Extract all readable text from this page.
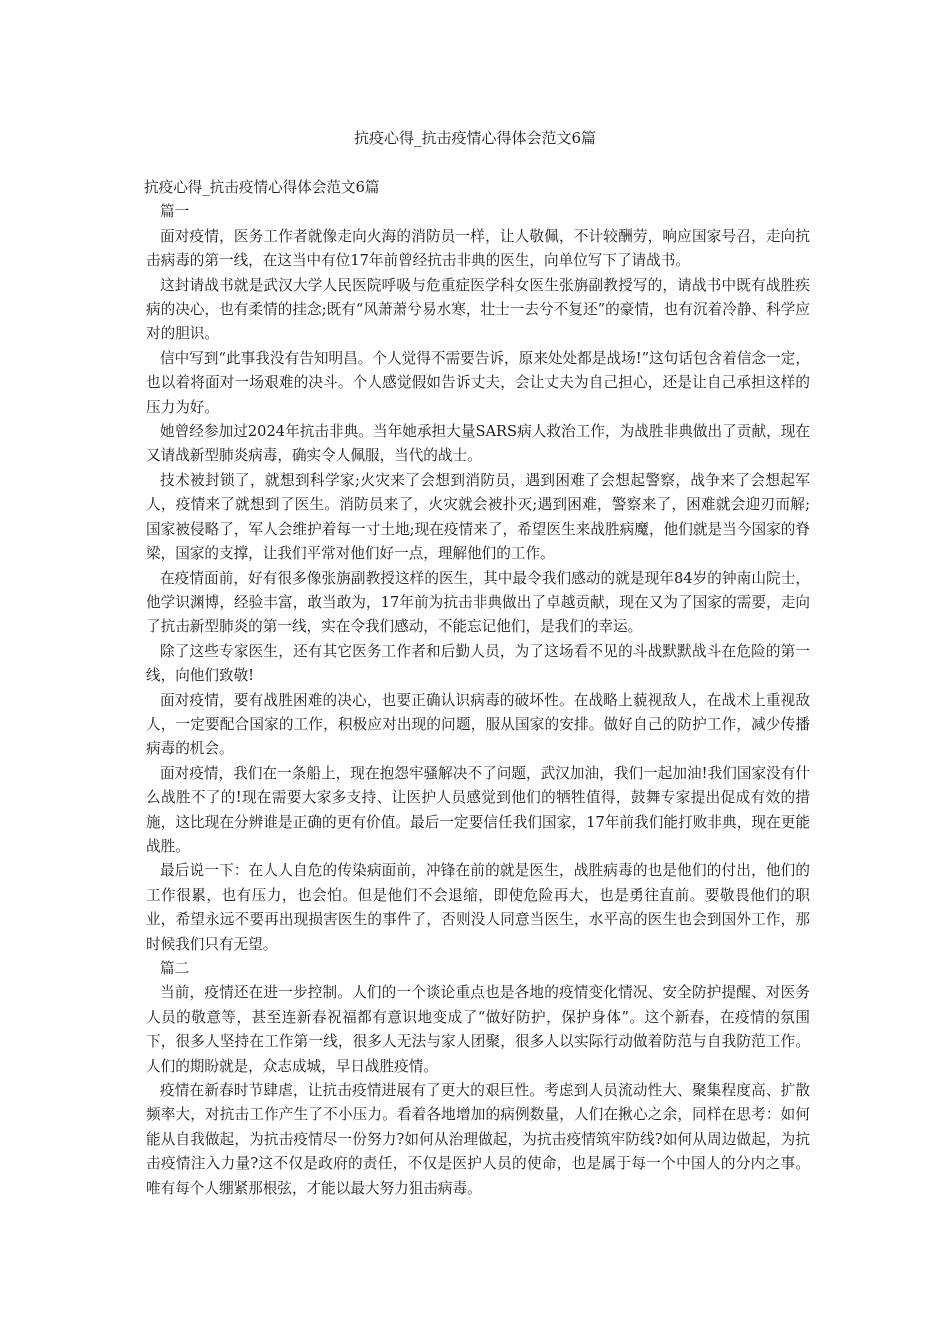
抗疫心得_抗击疫情心得体会范文6篇

抗疫心得_抗击疫情心得体会范文6篇

篇一

面对疫情，医务工作者就像走向火海的消防员一样，让人敬佩，不计较酬劳，响应国家号召，走向抗击病毒的第一线，在这当中有位17年前曾经抗击非典的医生，向单位写下了请战书。

这封请战书就是武汉大学人民医院呼吸与危重症医学科女医生张旃副教授写的，请战书中既有战胜疾病的决心，也有柔情的挂念;既有“风萧萧兮易水寒，壮士一去兮不复还”的豪情，也有沉着冷静、科学应对的胆识。

信中写到“此事我没有告知明昌。个人觉得不需要告诉，原来处处都是战场!”这句话包含着信念一定，也以着将面对一场艰难的决斗。个人感觉假如告诉丈夫，会让丈夫为自己担心，还是让自己承担这样的压力为好。

她曾经参加过2024年抗击非典。当年她承担大量SARS病人救治工作，为战胜非典做出了贡献，现在又请战新型肺炎病毒，确实令人佩服，当代的战士。

技术被封锁了，就想到科学家;火灾来了会想到消防员，遇到困难了会想起警察，战争来了会想起军人，疫情来了就想到了医生。消防员来了，火灾就会被扑灭;遇到困难，警察来了，困难就会迎刃而解;国家被侵略了，军人会维护着每一寸土地;现在疫情来了，希望医生来战胜病魔，他们就是当今国家的脊梁，国家的支撑，让我们平常对他们好一点，理解他们的工作。

在疫情面前，好有很多像张旃副教授这样的医生，其中最令我们感动的就是现年84岁的钟南山院士，他学识渊博，经验丰富，敢当敢为，17年前为抗击非典做出了卓越贡献，现在又为了国家的需要，走向了抗击新型肺炎的第一线，实在令我们感动，不能忘记他们，是我们的幸运。

除了这些专家医生，还有其它医务工作者和后勤人员，为了这场看不见的斗战默默战斗在危险的第一线，向他们致敬!

面对疫情，要有战胜困难的决心，也要正确认识病毒的破坏性。在战略上藐视敌人，在战术上重视敌人，一定要配合国家的工作，积极应对出现的问题，服从国家的安排。做好自己的防护工作，减少传播病毒的机会。

面对疫情，我们在一条船上，现在抱怨牢骚解决不了问题，武汉加油，我们一起加油!我们国家没有什么战胜不了的!现在需要大家多支持、让医护人员感觉到他们的牺牲值得，鼓舞专家提出促成有效的措施，这比现在分辨谁是正确的更有价值。最后一定要信任我们国家，17年前我们能打败非典，现在更能战胜。

最后说一下：在人人自危的传染病面前，冲锋在前的就是医生，战胜病毒的也是他们的付出，他们的工作很累，也有压力，也会怕。但是他们不会退缩，即使危险再大，也是勇往直前。要敬畏他们的职业，希望永远不要再出现损害医生的事件了，否则没人同意当医生，水平高的医生也会到国外工作，那时候我们只有无望。

篇二

当前，疫情还在进一步控制。人们的一个谈论重点也是各地的疫情变化情况、安全防护提醒、对医务人员的敬意等，甚至连新春祝福都有意识地变成了“做好防护，保护身体”。这个新春，在疫情的氛围下，很多人坚持在工作第一线，很多人无法与家人团聚，很多人以实际行动做着防范与自我防范工作。人们的期盼就是，众志成城，早日战胜疫情。

疫情在新春时节肆虐，让抗击疫情进展有了更大的艰巨性。考虑到人员流动性大、聚集程度高、扩散频率大，对抗击工作产生了不小压力。看着各地增加的病例数量，人们在揪心之余，同样在思考：如何能从自我做起，为抗击疫情尽一份努力?如何从治理做起，为抗击疫情筑牢防线?如何从周边做起，为抗击疫情注入力量?这不仅是政府的责任，不仅是医护人员的使命，也是属于每一个中国人的分内之事。唯有每个人绷紧那根弦，才能以最大努力狙击病毒。
